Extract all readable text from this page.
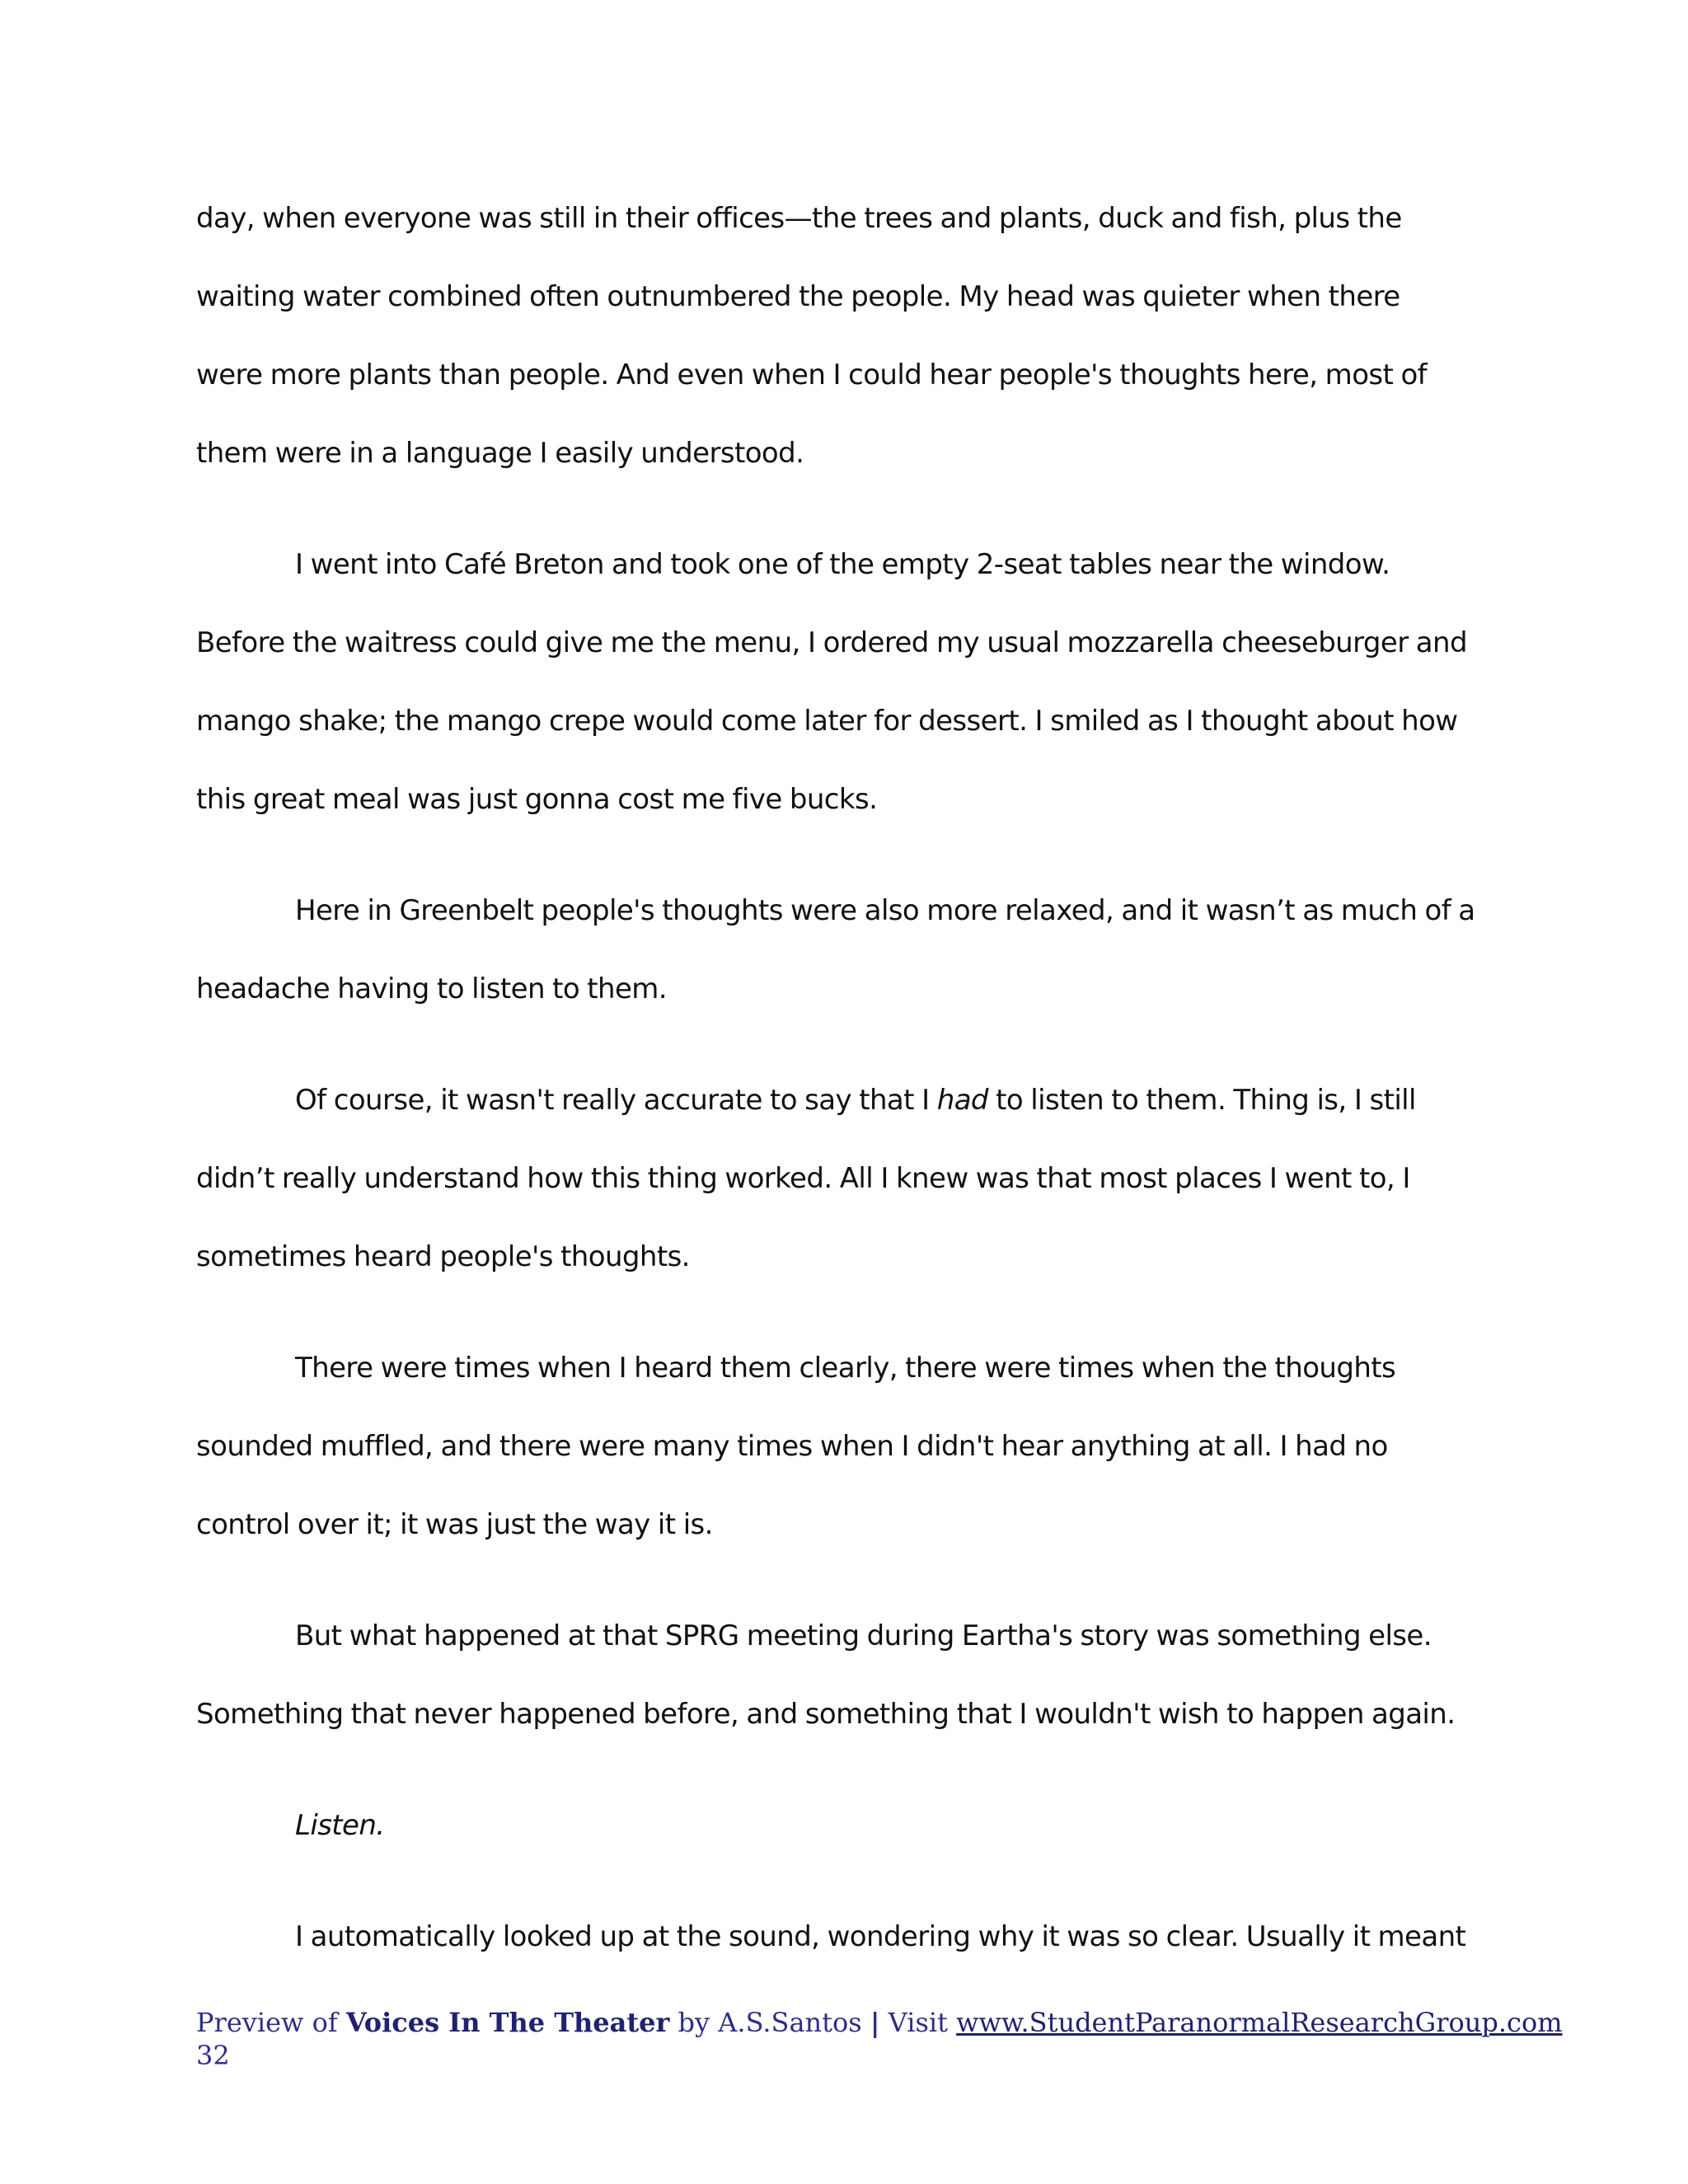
day, when everyone was still in their offices—the trees and plants, duck and fish, plus the
waiting water combined often outnumbered the people. My head was quieter when there
were more plants than people. And even when I could hear people's thoughts here, most of
them were in a language I easily understood.
I went into Café Breton and took one of the empty 2-seat tables near the window.
Before the waitress could give me the menu, I ordered my usual mozzarella cheeseburger and
mango shake; the mango crepe would come later for dessert. I smiled as I thought about how
this great meal was just gonna cost me five bucks.
Here in Greenbelt people's thoughts were also more relaxed, and it wasn’t as much of a
headache having to listen to them.
Of course, it wasn't really accurate to say that I had to listen to them. Thing is, I still
didn’t really understand how this thing worked. All I knew was that most places I went to, I
sometimes heard people's thoughts.
There were times when I heard them clearly, there were times when the thoughts
sounded muffled, and there were many times when I didn't hear anything at all. I had no
control over it; it was just the way it is.
But what happened at that SPRG meeting during Eartha's story was something else.
Something that never happened before, and something that I wouldn't wish to happen again.
Listen.
I automatically looked up at the sound, wondering why it was so clear. Usually it meant
Preview of Voices In The Theater by A.S.Santos | Visit www.StudentParanormalResearchGroup.com
32
